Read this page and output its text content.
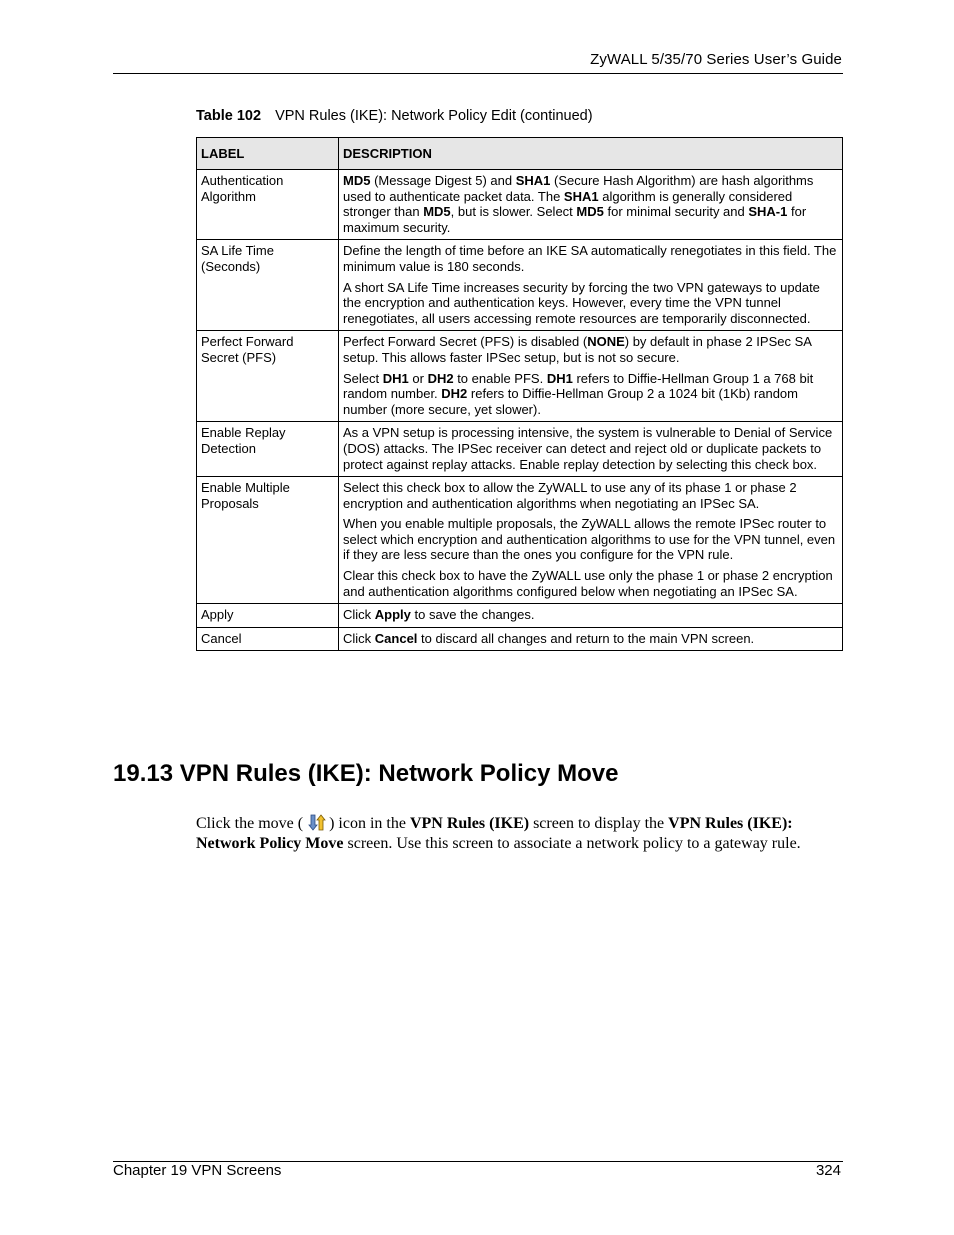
ZyWALL 5/35/70 Series User’s Guide
Table 102 VPN Rules (IKE): Network Policy Edit (continued)
LABEL	DESCRIPTION
Authentication Algorithm	MD5 (Message Digest 5) and SHA1 (Secure Hash Algorithm) are hash algorithms used to authenticate packet data. The SHA1 algorithm is generally considered stronger than MD5, but is slower. Select MD5 for minimal security and SHA-1 for maximum security.

SA Life Time (Seconds)	Define the length of time before an IKE SA automatically renegotiates in this field. The minimum value is 180 seconds.

A short SA Life Time increases security by forcing the two VPN gateways to update the encryption and authentication keys. However, every time the VPN tunnel renegotiates, all users accessing remote resources are temporarily disconnected.

Perfect Forward Secret (PFS)	Perfect Forward Secret (PFS) is disabled (NONE) by default in phase 2 IPSec SA setup. This allows faster IPSec setup, but is not so secure.

Select DH1 or DH2 to enable PFS. DH1 refers to Diffie-Hellman Group 1 a 768 bit random number. DH2 refers to Diffie-Hellman Group 2 a 1024 bit (1Kb) random number (more secure, yet slower).

Enable Replay Detection	As a VPN setup is processing intensive, the system is vulnerable to Denial of Service (DOS) attacks. The IPSec receiver can detect and reject old or duplicate packets to protect against replay attacks. Enable replay detection by selecting this check box.

Enable Multiple Proposals	Select this check box to allow the ZyWALL to use any of its phase 1 or phase 2 encryption and authentication algorithms when negotiating an IPSec SA.

When you enable multiple proposals, the ZyWALL allows the remote IPSec router to select which encryption and authentication algorithms to use for the VPN tunnel, even if they are less secure than the ones you configure for the VPN rule.

Clear this check box to have the ZyWALL use only the phase 1 or phase 2 encryption and authentication algorithms configured below when negotiating an IPSec SA.

Apply	Click Apply to save the changes.

Cancel	Click Cancel to discard all changes and return to the main VPN screen.

19.13 VPN Rules (IKE): Network Policy Move

Click the move ( ) icon in the VPN Rules (IKE) screen to display the VPN Rules (IKE): Network Policy Move screen. Use this screen to associate a network policy to a gateway rule.

Chapter 19 VPN Screens	324
